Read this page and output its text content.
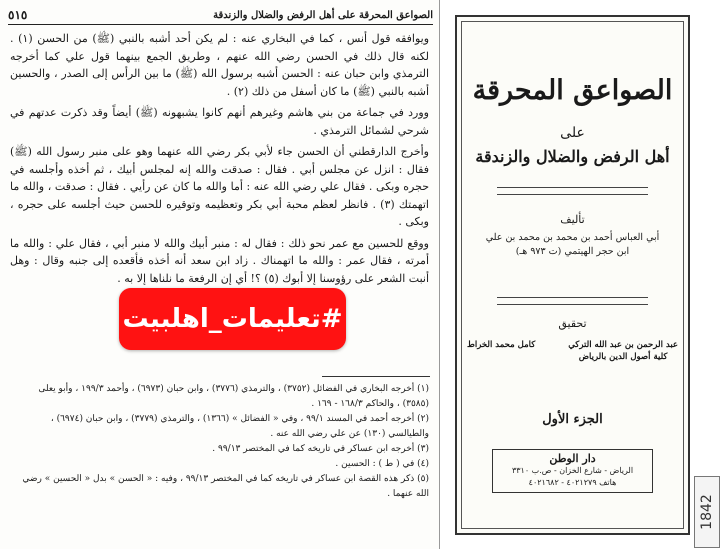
الصواعق المحرقة على أهل الرفض والضلال والزندقة
٥١٥

ويوافقه قول أنس ، كما في البخاري عنه : لم يكن أحد أشبه بالنبي (ﷺ) من الحسن (١) . لكنه قال ذلك في الحسن رضي الله عنهم ، وطريق الجمع بينهما قول علي كما أخرجه الترمذي وابن حبان عنه : الحسن أشبه برسول الله (ﷺ) ما بين الرأس إلى الصدر ، والحسين أشبه بالنبي (ﷺ) ما كان أسفل من ذلك (٢) .

وورد في جماعة من بني هاشم وغيرهم أنهم كانوا يشبهونه (ﷺ) أيضاً وقد ذكرت عدتهم في شرحي لشمائل الترمذي .

وأخرج الدارقطني أن الحسن جاء لأبي بكر رضي الله عنهما وهو على منبر رسول الله (ﷺ) فقال : انزل عن مجلس أبي . فقال : صدقت والله إنه لمجلس أبيك ، ثم أخذه وأجلسه في حجره وبكى . فقال علي رضي الله عنه : أما والله ما كان عن رأيي . فقال : صدقت ، والله ما اتهمتك (٣) . فانظر لعظم محبة أبي بكر وتعظيمه وتوقيره للحسن حيث أجلسه على حجره ، وبكى .

ووقع للحسين مع عمر نحو ذلك : فقال له : منبر أبيك والله لا منبر أبي ، فقال علي : والله ما أمرته ، فقال عمر : والله ما اتهمناك . زاد ابن سعد أنه أخذه فأقعده إلى جنبه وقال : وهل أنبت الشعر على رؤوسنا إلا أبوك (٥) ؟! أي إن الرفعة ما نلناها إلا به .

(١) أخرجه البخاري في الفضائل (٣٧٥٢) ، والترمذي (٣٧٧٦) ، وابن حبان (٦٩٧٣) ، وأحمد ١٩٩/٣ ، وأبو يعلى (٣٥٨٥) ، والحاكم ١٦٨/٣ - ١٦٩ .
(٢) أخرجه أحمد في المسند ٩٩/١ ، وفي « الفضائل » (١٣٦٦) ، والترمذي (٣٧٧٩) ، وابن حبان (٦٩٧٤) ، والطيالسي (١٣٠) عن علي رضي الله عنه .
(٣) أخرجه ابن عساكر في تاريخه كما في المختصر ٩٩/١٣ .
(٤) في ( ط ) : الحسين .
(٥) ذكر هذه القصة ابن عساكر في تاريخه كما في المختصر ٩٩/١٣ ، وفيه : « الحسن » بدل « الحسين » رضي الله عنهما .
#تعليمات_اهلبيت
الصواعق المحرقة
على
أهل الرفض والضلال والزندقة
تأليف
أبي العباس أحمد بن محمد بن محمد بن علي
ابن حجر الهيتمي (ت ٩٧٣ هـ)
تحقيق
عبد الرحمن بن عبد الله التركي
كلية أصول الدين بالرياض
كامل محمد الخراط
الجزء الأول
دار الوطن
الرياض - شارع الخزان - ص.ب ٣٣١٠
هاتف ٤٠٢١٢٧٩ - ٤٠٢١٦٨٢
1842
